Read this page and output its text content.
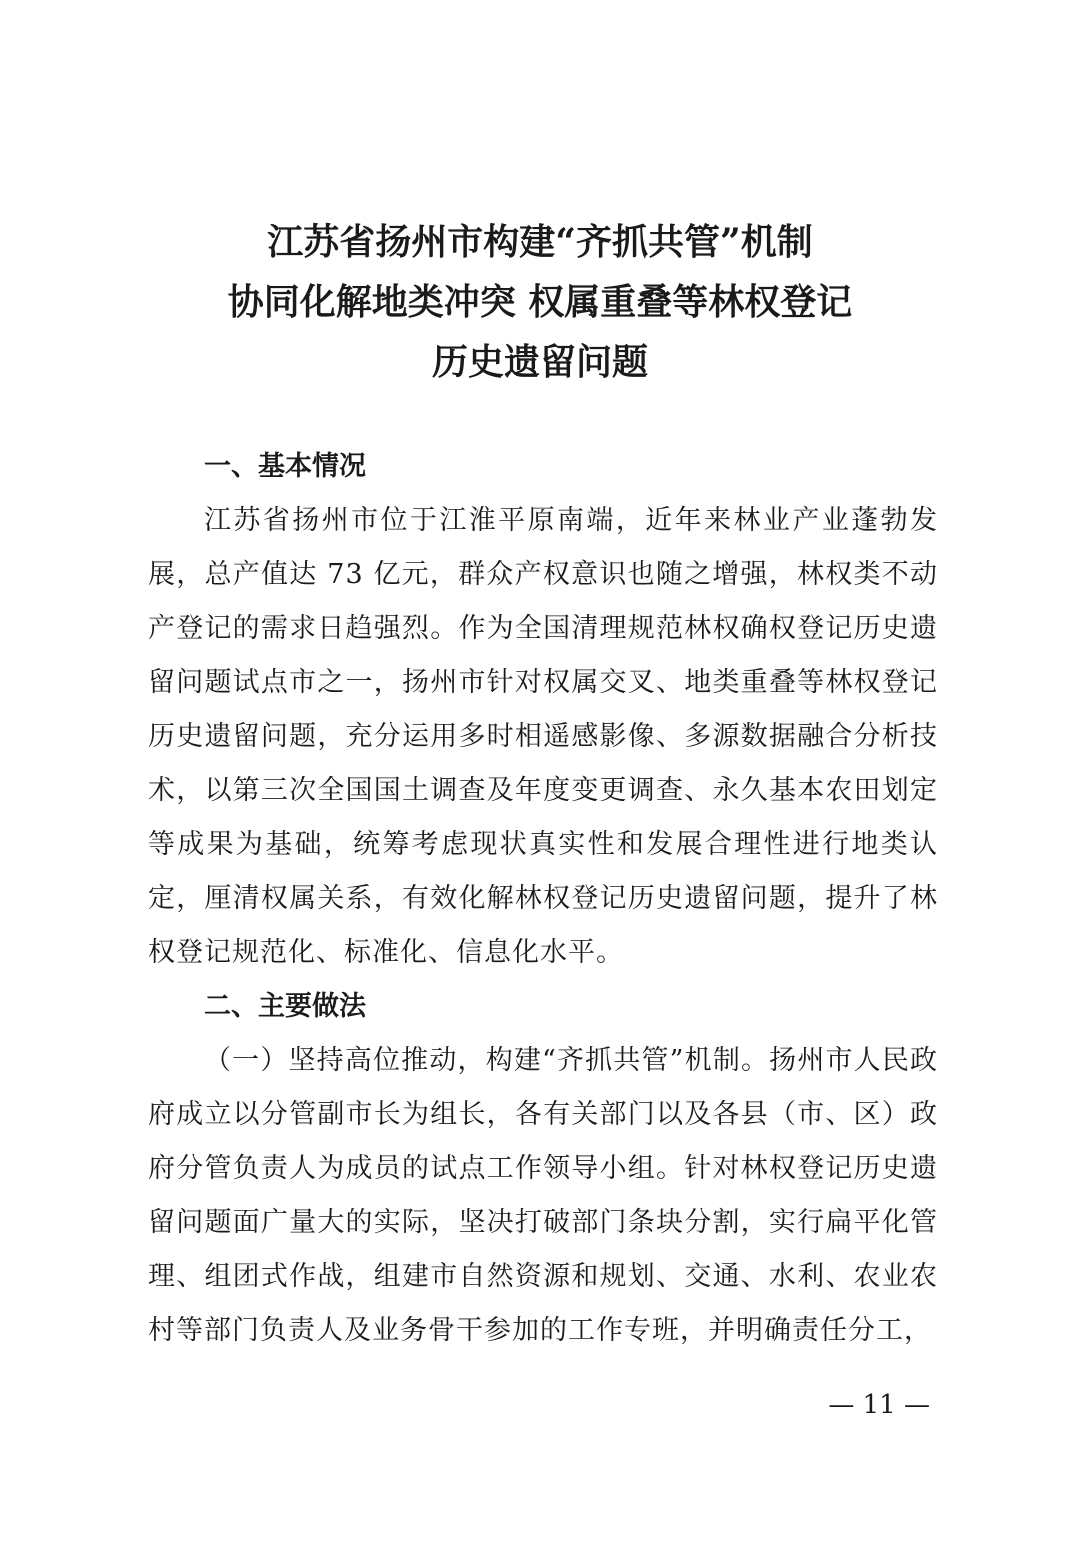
江苏省扬州市构建“齐抓共管”机制
协同化解地类冲突 权属重叠等林权登记
历史遗留问题
一、基本情况

江苏省扬州市位于江淮平原南端，近年来林业产业蓬勃发展，总产值达 73 亿元，群众产权意识也随之增强，林权类不动产登记的需求日趋强烈。作为全国清理规范林权确权登记历史遗留问题试点市之一，扬州市针对权属交叉、地类重叠等林权登记历史遗留问题，充分运用多时相遥感影像、多源数据融合分析技术，以第三次全国国土调查及年度变更调查、永久基本农田划定等成果为基础，统筹考虑现状真实性和发展合理性进行地类认定，厘清权属关系，有效化解林权登记历史遗留问题，提升了林权登记规范化、标准化、信息化水平。

二、主要做法

（一）坚持高位推动，构建“齐抓共管”机制。扬州市人民政府成立以分管副市长为组长，各有关部门以及各县（市、区）政府分管负责人为成员的试点工作领导小组。针对林权登记历史遗留问题面广量大的实际，坚决打破部门条块分割，实行扁平化管理、组团式作战，组建市自然资源和规划、交通、水利、农业农村等部门负责人及业务骨干参加的工作专班，并明确责任分工，

— 11 —
